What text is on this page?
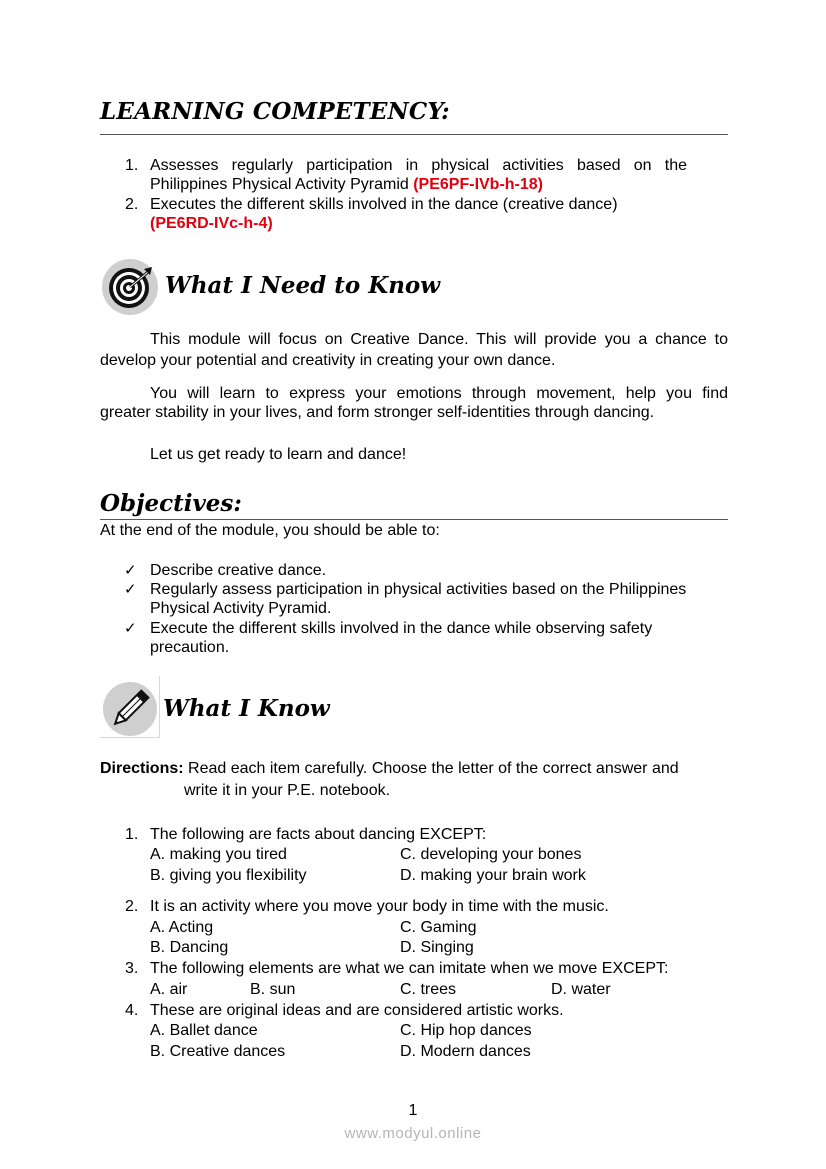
LEARNING COMPETENCY:
1. Assesses regularly participation in physical activities based on the
Philippines Physical Activity Pyramid (PE6PF-IVb-h-18)
2. Executes the different skills involved in the dance (creative dance)
(PE6RD-IVc-h-4)
What I Need to Know
This module will focus on Creative Dance. This will provide you a chance to
develop your potential and creativity in creating your own dance.
You will learn to express your emotions through movement, help you find
greater stability in your lives, and form stronger self-identities through dancing.
Let us get ready to learn and dance!
Objectives:
At the end of the module, you should be able to:
✓ Describe creative dance.
✓ Regularly assess participation in physical activities based on the Philippines
Physical Activity Pyramid.
✓ Execute the different skills involved in the dance while observing safety
precaution.
What I Know
Directions: Read each item carefully. Choose the letter of the correct answer and
write it in your P.E. notebook.
1. The following are facts about dancing EXCEPT:
A. making you tired	C. developing your bones
B. giving you flexibility	D. making your brain work
2. It is an activity where you move your body in time with the music.
A. Acting	C. Gaming
B. Dancing	D. Singing
3. The following elements are what we can imitate when we move EXCEPT:
A. air	B. sun	C. trees	D. water
4. These are original ideas and are considered artistic works.
A. Ballet dance	C. Hip hop dances
B. Creative dances	D. Modern dances
1
www.modyul.online
